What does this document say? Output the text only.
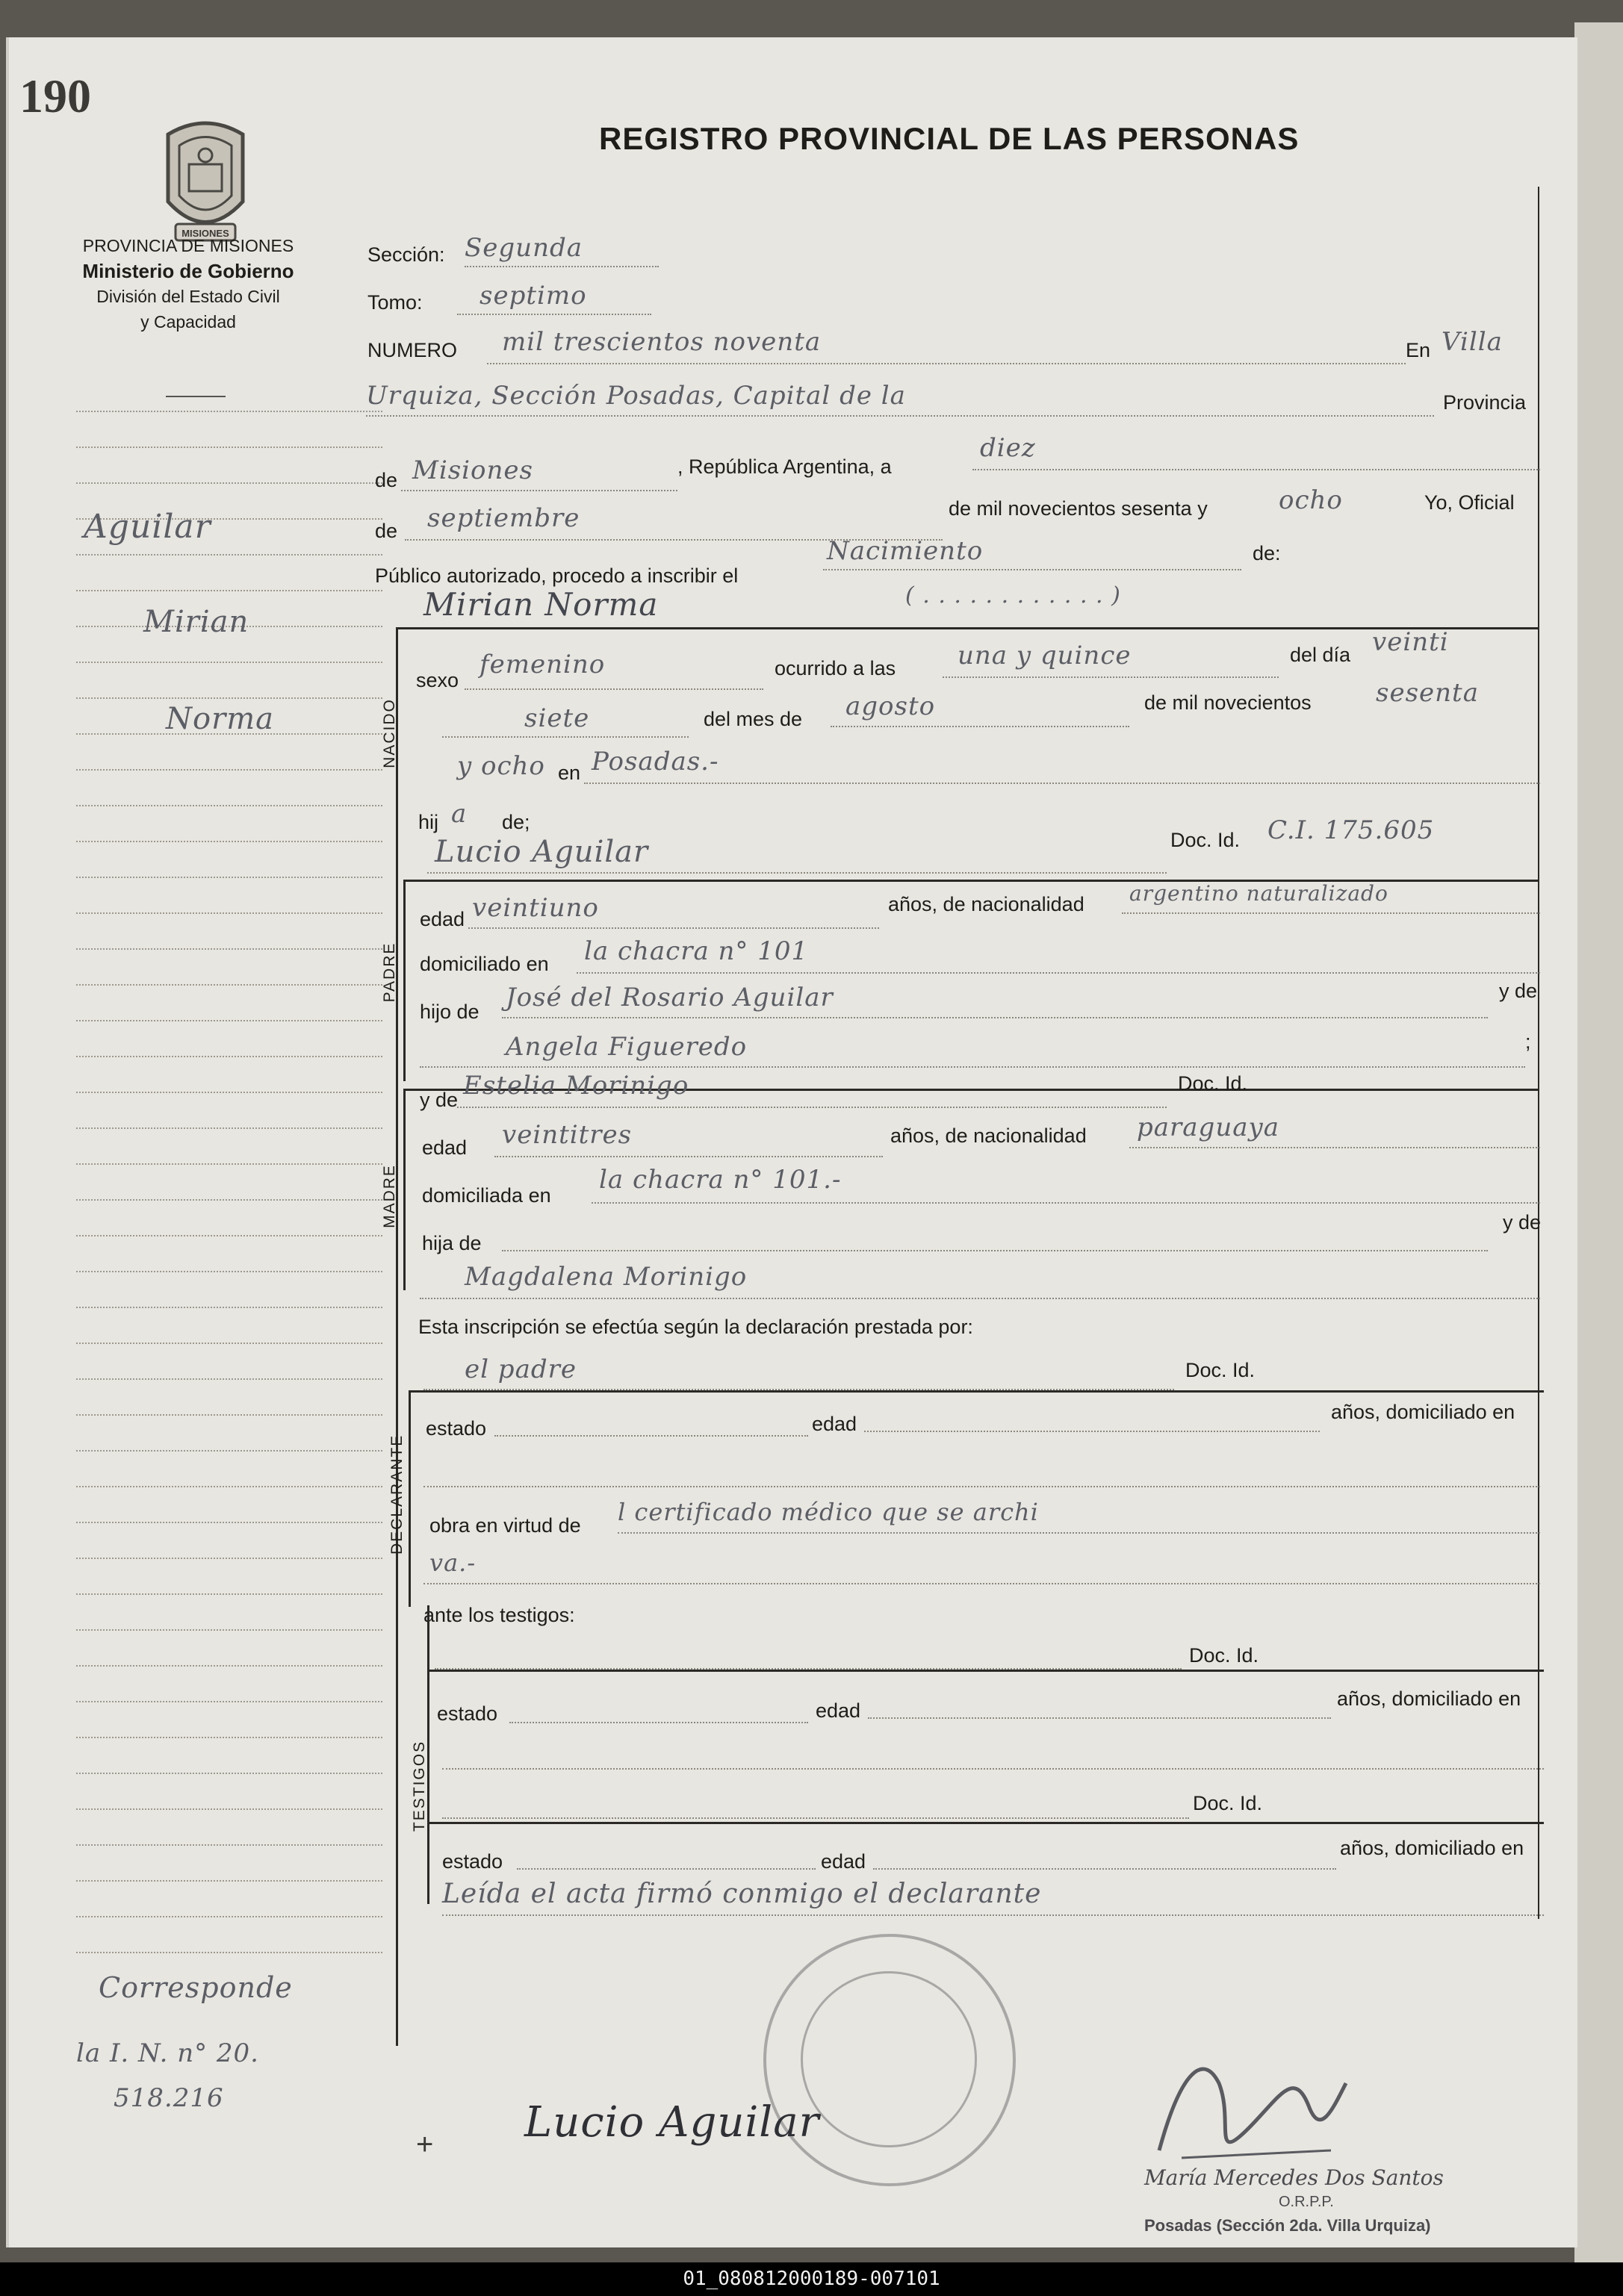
190
REGISTRO PROVINCIAL DE LAS PERSONAS
MISIONES
PROVINCIA DE MISIONES
Ministerio de Gobierno
División del Estado Civil
y Capacidad
Aguilar
Mirian
Norma
Corresponde
la I. N. n° 20.
518.216
Sección: Segunda
Tomo: septimo
NUMERO mil trescientos noventa	En Villa
Urquiza, Sección Posadas, Capital de la	Provincia
de Misiones	, República Argentina, a
diez
de septiembre	de mil novecientos sesenta y	ocho	Yo, Oficial
Público autorizado, procedo a inscribir el
Nacimiento	de:
NACIDO
Mirian Norma	( . . . . . . . . . . . . )
sexo
femenino	ocurrido a las una y quince	del día veinti
siete	del mes de agosto	de mil novecientos	sesenta
y ocho en Posadas.-
hij a de;
Lucio Aguilar	Doc. Id. C.I. 175.605
PADRE
edad veintiuno	años, de nacionalidad argentino naturalizado
domiciliado en la chacra n° 101
hijo de José del Rosario Aguilar	y de
Angela Figueredo	;
MADRE
y de Estelia Morinigo	Doc. Id.
edad veintitres	años, de nacionalidad paraguaya
domiciliada en
la chacra n° 101.-
hija de
y de
Magdalena Morinigo
Esta inscripción se efectúa según la declaración prestada por:
el padre	Doc. Id.
DECLARANTE
estado	edad
años, domiciliado en
obra en virtud de l certificado médico que se archi
va.-
ante los testigos:
Doc. Id.
TESTIGOS
estado	edad
años, domiciliado en
Doc. Id.
estado	edad
años, domiciliado en
Leída el acta firmó conmigo el declarante
+ Lucio Aguilar
María Mercedes Dos Santos
O.R.P.P.
Posadas (Sección 2da. Villa Urquiza)
01_080812000189-007101
